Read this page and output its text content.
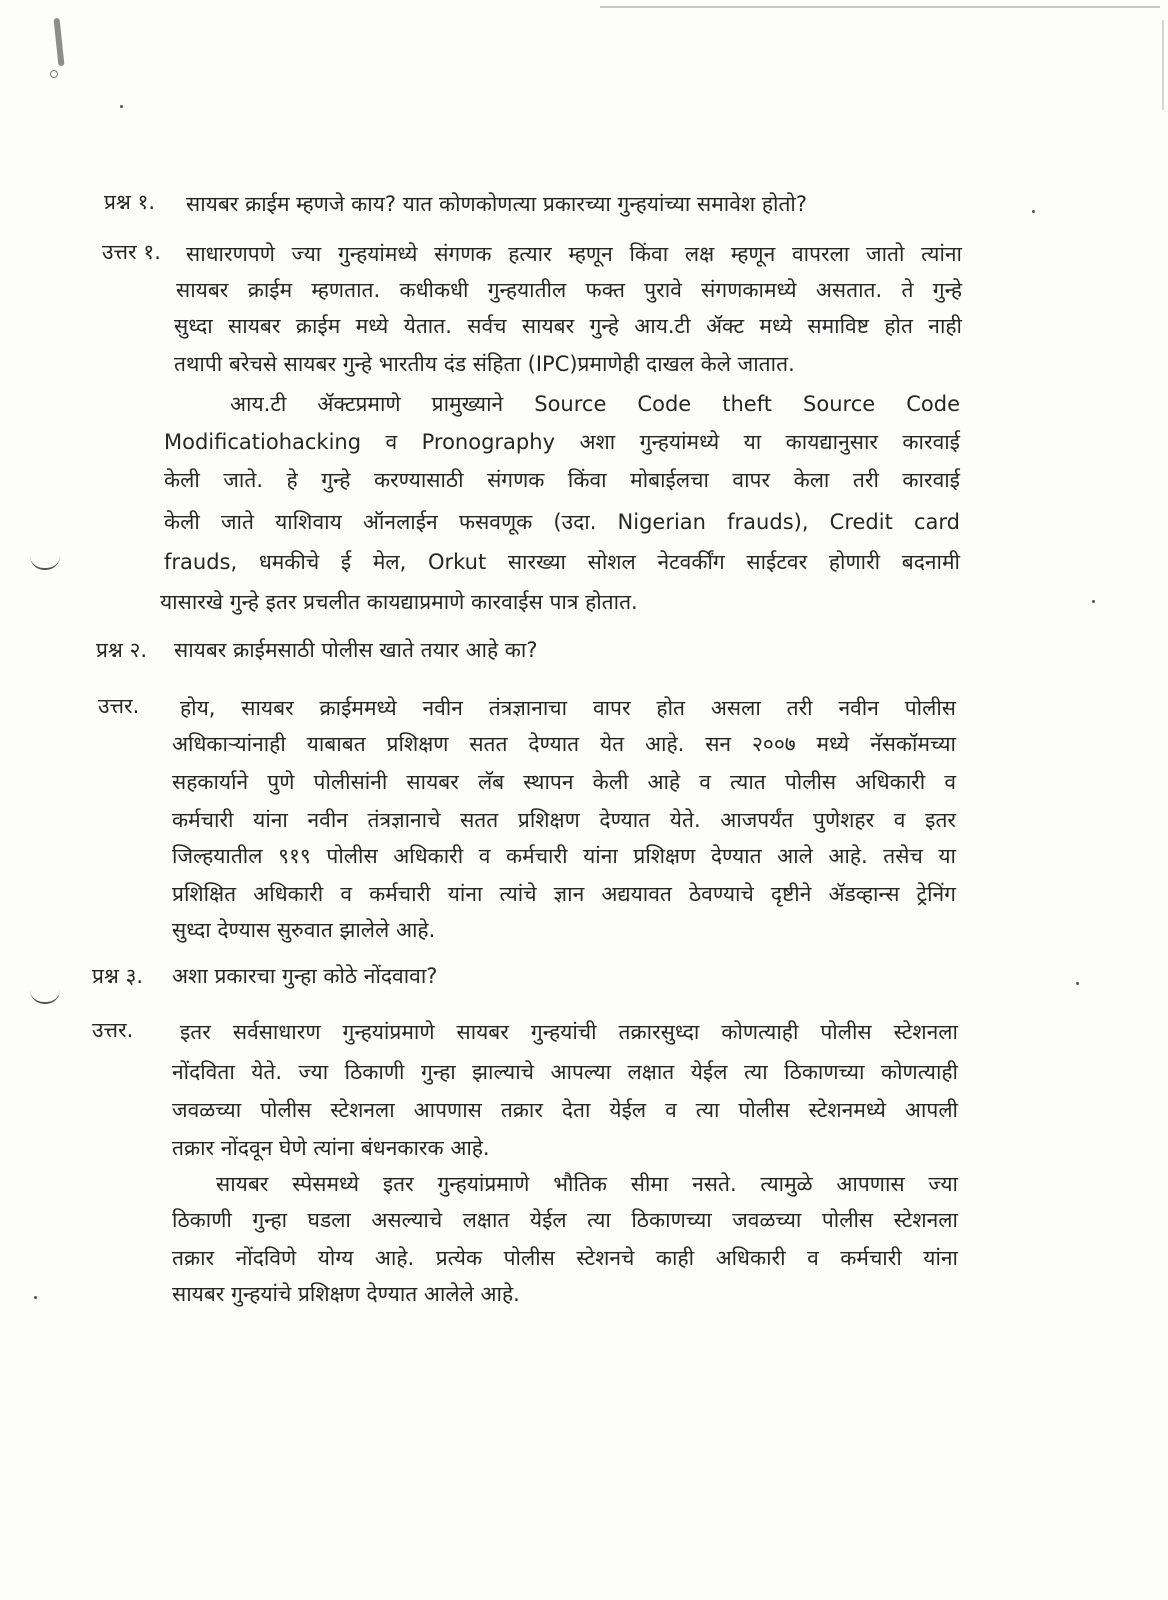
प्रश्न १. सायबर क्राईम म्हणजे काय? यात कोणकोणत्या प्रकारच्या गुन्हयांच्या समावेश होतो?
उत्तर १. साधारणपणे ज्या गुन्हयांमध्ये संगणक हत्यार म्हणून किंवा लक्ष म्हणून वापरला जातो त्यांना
सायबर क्राईम म्हणतात. कधीकधी गुन्हयातील फक्त पुरावे संगणकामध्ये असतात. ते गुन्हे
सुध्दा सायबर क्राईम मध्ये येतात. सर्वच सायबर गुन्हे आय.टी ॲक्ट मध्ये समाविष्ट होत नाही
तथापी बरेचसे सायबर गुन्हे भारतीय दंड संहिता (IPC)प्रमाणेही दाखल केले जातात.
आय.टी ॲक्टप्रमाणे प्रामुख्याने Source Code theft Source Code
Modificatiohacking व Pronography अशा गुन्हयांमध्ये या कायद्यानुसार कारवाई
केली जाते. हे गुन्हे करण्यासाठी संगणक किंवा मोबाईलचा वापर केला तरी कारवाई
केली जाते याशिवाय ऑनलाईन फसवणूक (उदा. Nigerian frauds), Credit card
frauds, धमकीचे ई मेल, Orkut सारख्या सोशल नेटवर्कींग साईटवर होणारी बदनामी
यासारखे गुन्हे इतर प्रचलीत कायद्याप्रमाणे कारवाईस पात्र होतात.
प्रश्न २. सायबर क्राईमसाठी पोलीस खाते तयार आहे का?
उत्तर. होय, सायबर क्राईममध्ये नवीन तंत्रज्ञानाचा वापर होत असला तरी नवीन पोलीस
अधिकाऱ्यांनाही याबाबत प्रशिक्षण सतत देण्यात येत आहे. सन २००७ मध्ये नॅसकॉमच्या
सहकार्याने पुणे पोलीसांनी सायबर लॅब स्थापन केली आहे व त्यात पोलीस अधिकारी व
कर्मचारी यांना नवीन तंत्रज्ञानाचे सतत प्रशिक्षण देण्यात येते. आजपर्यंत पुणेशहर व इतर
जिल्हयातील ९१९ पोलीस अधिकारी व कर्मचारी यांना प्रशिक्षण देण्यात आले आहे. तसेच या
प्रशिक्षित अधिकारी व कर्मचारी यांना त्यांचे ज्ञान अद्ययावत ठेवण्याचे दृष्टीने ॲडव्हान्स ट्रेनिंग
सुध्दा देण्यास सुरुवात झालेले आहे.
प्रश्न ३. अशा प्रकारचा गुन्हा कोठे नोंदवावा?
उत्तर. इतर सर्वसाधारण गुन्हयांप्रमाणे सायबर गुन्हयांची तक्रारसुध्दा कोणत्याही पोलीस स्टेशनला
नोंदविता येते. ज्या ठिकाणी गुन्हा झाल्याचे आपल्या लक्षात येईल त्या ठिकाणच्या कोणत्याही
जवळच्या पोलीस स्टेशनला आपणास तक्रार देता येईल व त्या पोलीस स्टेशनमध्ये आपली
तक्रार नोंदवून घेणे त्यांना बंधनकारक आहे.
सायबर स्पेसमध्ये इतर गुन्हयांप्रमाणे भौतिक सीमा नसते. त्यामुळे आपणास ज्या
ठिकाणी गुन्हा घडला असल्याचे लक्षात येईल त्या ठिकाणच्या जवळच्या पोलीस स्टेशनला
तक्रार नोंदविणे योग्य आहे. प्रत्येक पोलीस स्टेशनचे काही अधिकारी व कर्मचारी यांना
सायबर गुन्हयांचे प्रशिक्षण देण्यात आलेले आहे.
